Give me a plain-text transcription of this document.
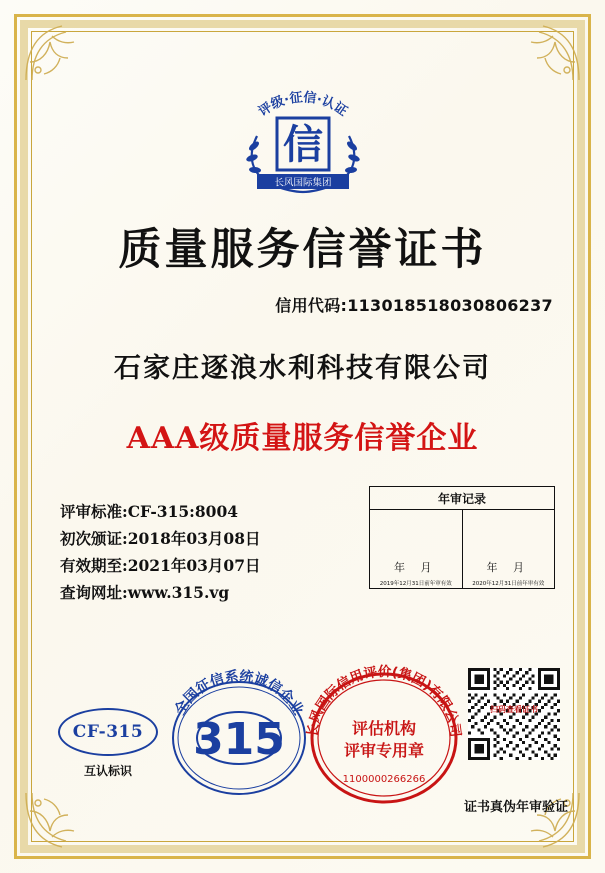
评级·征信·认证
信
长风国际集团
质量服务信誉证书
信用代码:113018518030806237
石家庄逐浪水利科技有限公司
AAA级质量服务信誉企业
评审标准:CF-315:8004
初次颁证:2018年03月08日
有效期至:2021年03月07日
查询网址:www.315.vg
年审记录
年 月
2019年12月31日前年审有效
年 月
2020年12月31日前年审有效
CF-315
互认标识
全国征信系统诚信企业
315 长风国际信用评价(集团)有限公司
评估机构
评审专用章
1100000266266
扫码查看证书
证书真伪年审验证
